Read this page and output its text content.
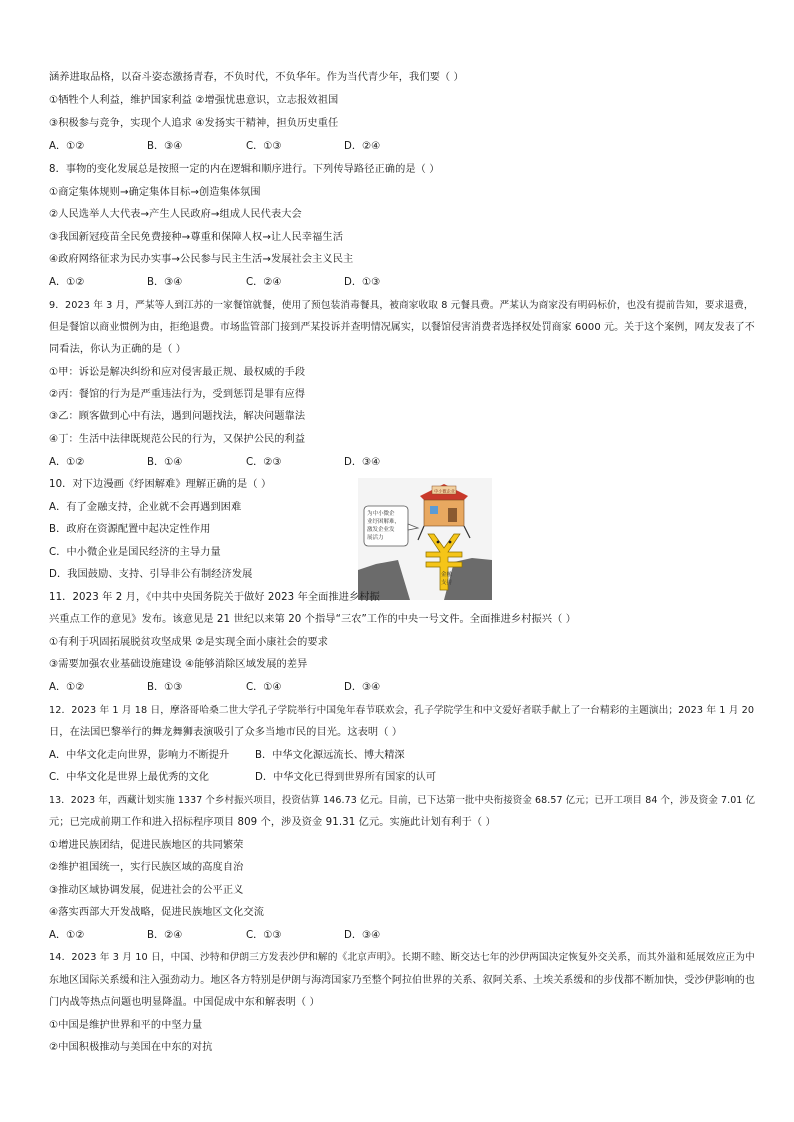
涵养进取品格，以奋斗姿态激扬青春，不负时代，不负华年。作为当代青少年，我们要（ ）
①牺牲个人利益，维护国家利益 ②增强忧患意识，立志报效祖国
③积极参与竞争，实现个人追求 ④发扬实干精神，担负历史重任
A．①②	B．③④	C．①③	D．②④
8．事物的变化发展总是按照一定的内在逻辑和顺序进行。下列传导路径正确的是（ ）
①商定集体规则→确定集体目标→创造集体氛围
②人民选举人大代表→产生人民政府→组成人民代表大会
③我国新冠疫苗全民免费接种→尊重和保障人权→让人民幸福生活
④政府网络征求为民办实事→公民参与民主生活→发展社会主义民主
A．①②	B．③④	C．②④	D．①③
9．2023 年 3 月，严某等人到江苏的一家餐馆就餐，使用了预包装消毒餐具，被商家收取 8 元餐具费。严某认为商家没有明码标价，也没有提前告知，要求退费，
但是餐馆以商业惯例为由，拒绝退费。市场监管部门接到严某投诉并查明情况属实，以餐馆侵害消费者选择权处罚商家 6000 元。关于这个案例，网友发表了不
同看法，你认为正确的是（ ）
①甲：诉讼是解决纠纷和应对侵害最正规、最权威的手段
②丙：餐馆的行为是严重违法行为，受到惩罚是罪有应得
③乙：顾客做到心中有法，遇到问题找法，解决问题靠法
④丁：生活中法律既规范公民的行为，又保护公民的利益
A．①②	B．①④	C．②③	D．③④
10．对下边漫画《纾困解难》理解正确的是（ ）
A．有了金融支持，企业就不会再遇到困难
B．政府在资源配置中起决定性作用
C．中小微企业是国民经济的主导力量
D．我国鼓励、支持、引导非公有制经济发展
为中小微企
业纾困解难，
激发企业发
展活力
中小微企业
金融
支持
11．2023 年 2 月，《中共中央国务院关于做好 2023 年全面推进乡村振
兴重点工作的意见》发布。该意见是 21 世纪以来第 20 个指导“三农”工作的中央一号文件。全面推进乡村振兴（ ）
①有利于巩固拓展脱贫攻坚成果 ②是实现全面小康社会的要求
③需要加强农业基础设施建设 ④能够消除区域发展的差异
A．①②	B．①③	C．①④	D．③④
12．2023 年 1 月 18 日，摩洛哥哈桑二世大学孔子学院举行中国兔年春节联欢会，孔子学院学生和中文爱好者联手献上了一台精彩的主题演出；2023 年 1 月 20
日，在法国巴黎举行的舞龙舞狮表演吸引了众多当地市民的目光。这表明（ ）
A．中华文化走向世界，影响力不断提升	B．中华文化源远流长、博大精深
C．中华文化是世界上最优秀的文化	D．中华文化已得到世界所有国家的认可
13．2023 年，西藏计划实施 1337 个乡村振兴项目，投资估算 146.73 亿元。目前，已下达第一批中央衔接资金 68.57 亿元；已开工项目 84 个，涉及资金 7.01 亿
元；已完成前期工作和进入招标程序项目 809 个，涉及资金 91.31 亿元。实施此计划有利于（ ）
①增进民族团结，促进民族地区的共同繁荣
②维护祖国统一，实行民族区域的高度自治
③推动区域协调发展，促进社会的公平正义
④落实西部大开发战略，促进民族地区文化交流
A．①②	B．②④	C．①③	D．③④
14．2023 年 3 月 10 日，中国、沙特和伊朗三方发表沙伊和解的《北京声明》。长期不睦、断交达七年的沙伊两国决定恢复外交关系，而其外溢和延展效应正为中
东地区国际关系缓和注入强劲动力。地区各方特别是伊朗与海湾国家乃至整个阿拉伯世界的关系、叙阿关系、土埃关系缓和的步伐都不断加快，受沙伊影响的也
门内战等热点问题也明显降温。中国促成中东和解表明（ ）
①中国是维护世界和平的中坚力量
②中国积极推动与美国在中东的对抗
